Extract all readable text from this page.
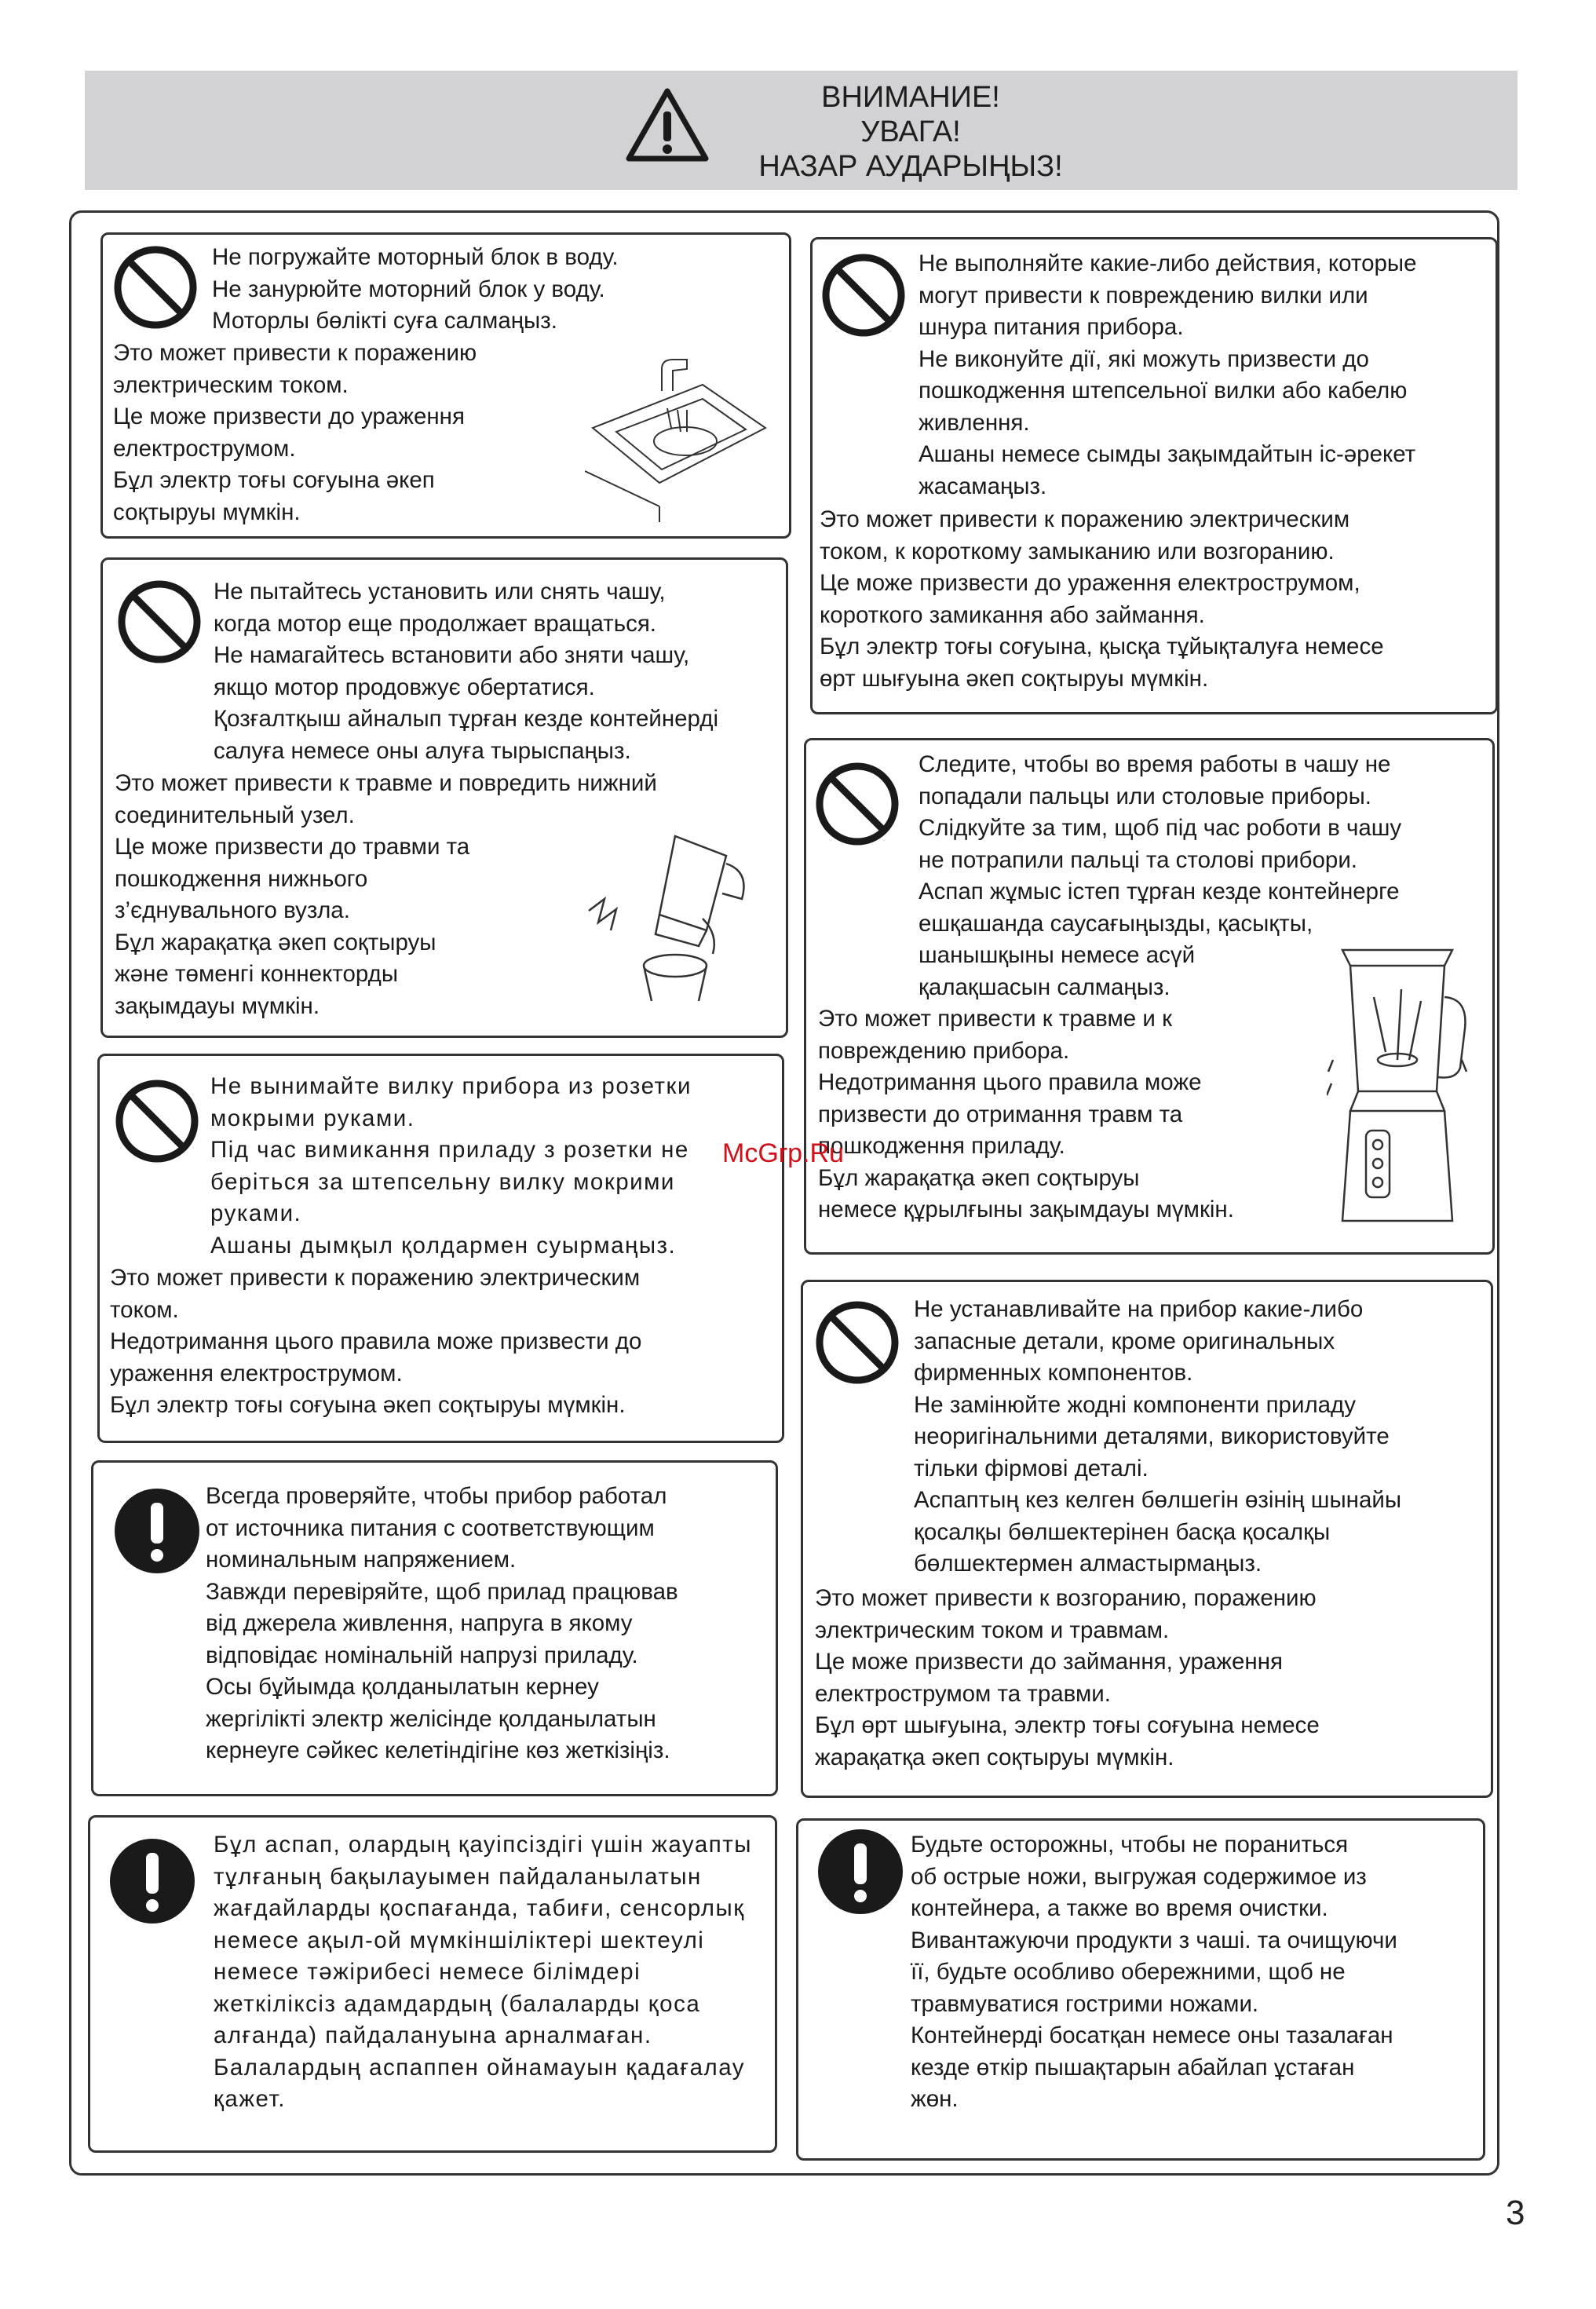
ВНИМАНИЕ!
УВАГА!
НАЗАР АУДАРЫҢЫЗ!
Не погружайте моторный блок в воду.
Не занурюйте моторний блок у воду.
Моторлы бөлікті суға салмаңыз.
Это может привести к поражению
электрическим током.
Це може призвести до ураження
електрострумом.
Бұл электр тоғы соғуына әкеп
соқтыруы мүмкін.
Не пытайтесь установить или снять чашу,
когда мотор еще продолжает вращаться.
Не намагайтесь встановити або зняти чашу,
якщо мотор продовжує обертатися.
Қозғалтқыш айналып тұрған кезде контейнерді
салуға немесе оны алуға тырыспаңыз.
Это может привести к травме и повредить нижний
соединительный узел.
Це може призвести до травми та
пошкодження нижнього
з’єднувального вузла.
Бұл жарақатқа әкеп соқтыруы
және төменгі коннекторды
зақымдауы мүмкін.
Не вынимайте вилку прибора из розетки
мокрыми руками.
Під час вимикання приладу з розетки не
беріться за штепсельну вилку мокрими
руками.
Ашаны дымқыл қолдармен суырмаңыз.
Это может привести к поражению электрическим
током.
Недотримання цього правила може призвести до
ураження електрострумом.
Бұл электр тоғы соғуына әкеп соқтыруы мүмкін.
Всегда проверяйте, чтобы прибор работал
от источника питания с соответствующим
номинальным напряжением.
Завжди перевіряйте, щоб прилад працював
від джерела живлення, напруга в якому
відповідає номінальній напрузі приладу.
Осы бұйымда қолданылатын кернеу
жергілікті электр желісінде қолданылатын
кернеуге сәйкес келетіндігіне көз жеткізіңіз.
Бұл аспап, олардың қауіпсіздігі үшін жауапты
тұлғаның бақылауымен пайдаланылатын
жағдайларды қоспағанда, табиғи, сенсорлық
немесе ақыл-ой мүмкіншіліктері шектеулі
немесе тәжірибесі немесе білімдері
жеткіліксіз адамдардың (балаларды қоса
алғанда) пайдалануына арналмаған.
Балалардың аспаппен ойнамауын қадағалау
қажет.
Не выполняйте какие-либо действия, которые
могут привести к повреждению вилки или
шнура питания прибора.
Не виконуйте дії, які можуть призвести до
пошкодження штепсельної вилки або кабелю
живлення.
Ашаны немесе сымды зақымдайтын іс-әрекет
жасамаңыз.
Это может привести к поражению электрическим
током, к короткому замыканию или возгоранию.
Це може призвести до ураження електрострумом,
короткого замикання або займання.
Бұл электр тоғы соғуына, қысқа тұйықталуға немесе
өрт шығуына әкеп соқтыруы мүмкін.
Следите, чтобы во время работы в чашу не
попадали пальцы или столовые приборы.
Слідкуйте за тим, щоб під час роботи в чашу
не потрапили пальці та столові прибори.
Аспап жұмыс істеп тұрған кезде контейнерге
ешқашанда саусағыңызды, қасықты,
шанышқыны немесе асүй
қалақшасын салмаңыз.
Это может привести к травме и к
повреждению прибора.
Недотримання цього правила може
призвести до отримання травм та
пошкодження приладу.
Бұл жарақатқа әкеп соқтыруы
немесе құрылғыны зақымдауы мүмкін.
Не устанавливайте на прибор какие-либо
запасные детали, кроме оригинальных
фирменных компонентов.
Не замінюйте жодні компоненти приладу
неоригінальними деталями, використовуйте
тільки фірмові деталі.
Аспаптың кез келген бөлшегін өзінің шынайы
қосалқы бөлшектерінен басқа қосалқы
бөлшектермен алмастырмаңыз.
Это может привести к возгоранию, поражению
электрическим током и травмам.
Це може призвести до займання, ураження
електрострумом та травми.
Бұл өрт шығуына, электр тоғы соғуына немесе
жарақатқа әкеп соқтыруы мүмкін.
Будьте осторожны, чтобы не пораниться
об острые ножи, выгружая содержимое из
контейнера, а также во время очистки.
Вивантажуючи продукти з чаші. та очищуючи
її, будьте особливо обережними, щоб не
травмуватися гострими ножами.
Контейнерді босатқан немесе оны тазалаған
кезде өткір пышақтарын абайлап ұстаған
жөн.
McGrp.Ru
3
